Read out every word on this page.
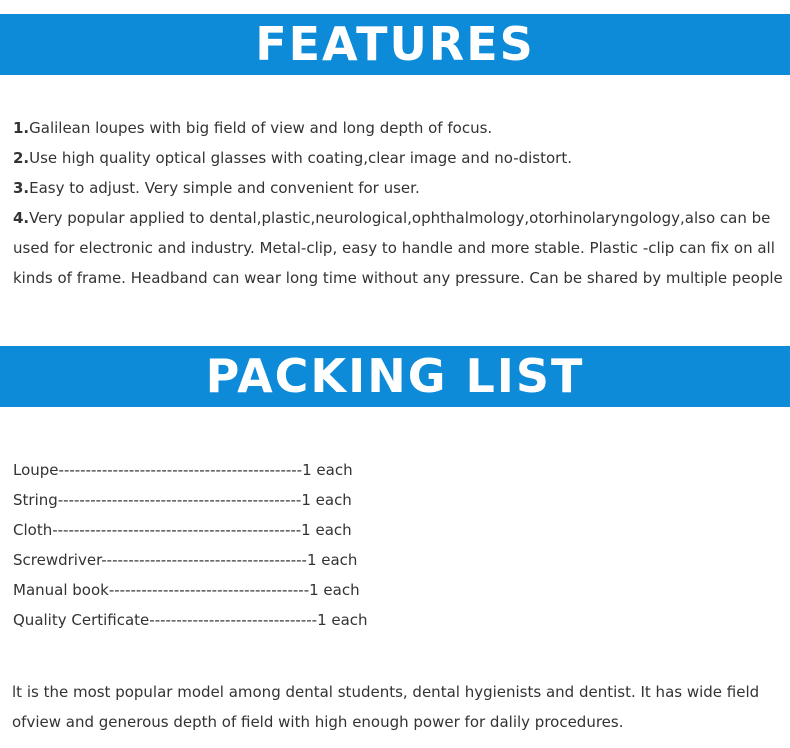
FEATURES
1.Galilean loupes with big field of view and long depth of focus.
2.Use high quality optical glasses with coating,clear image and no-distort.
3.Easy to adjust. Very simple and convenient for user.
4.Very popular applied to dental,plastic,neurological,ophthalmology,otorhinolaryngology,also can be used for electronic and industry. Metal-clip, easy to handle and more stable. Plastic -clip can fix on all kinds of frame. Headband can wear long time without any pressure. Can be shared by multiple people
PACKING LIST
Loupe---------------------------------------------1 each
String---------------------------------------------1 each
Cloth----------------------------------------------1 each
Screwdriver--------------------------------------1 each
Manual book-------------------------------------1 each
Quality Certificate-------------------------------1 each
lt is the most popular model among dental students, dental hygienists and dentist. It has wide field ofview and generous depth of field with high enough power for dalily procedures.
